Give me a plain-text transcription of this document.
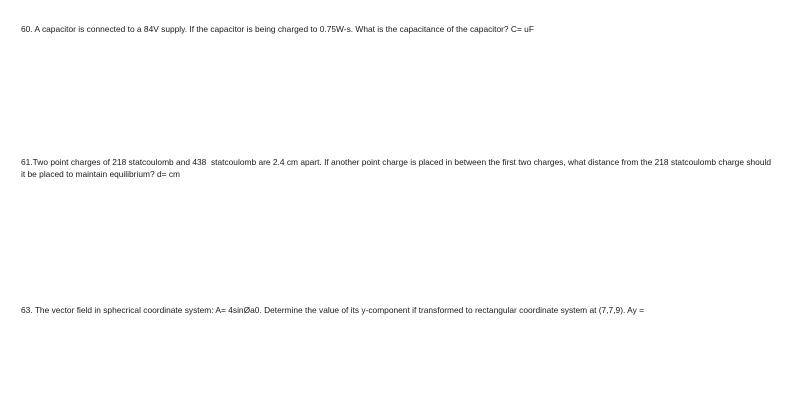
60. A capacitor is connected to a 84V supply. If the capacitor is being charged to 0.75W-s. What is the capacitance of the capacitor? C= uF
61.Two point charges of 218 statcoulomb and 438  statcoulomb are 2.4 cm apart. If another point charge is placed in between the first two charges, what distance from the 218 statcoulomb charge should it be placed to maintain equilibrium? d= cm
63. The vector field in sphecrical coordinate system: A= 4sinØa0. Determine the value of its y-component if transformed to rectangular coordinate system at (7,7,9). Ay =
